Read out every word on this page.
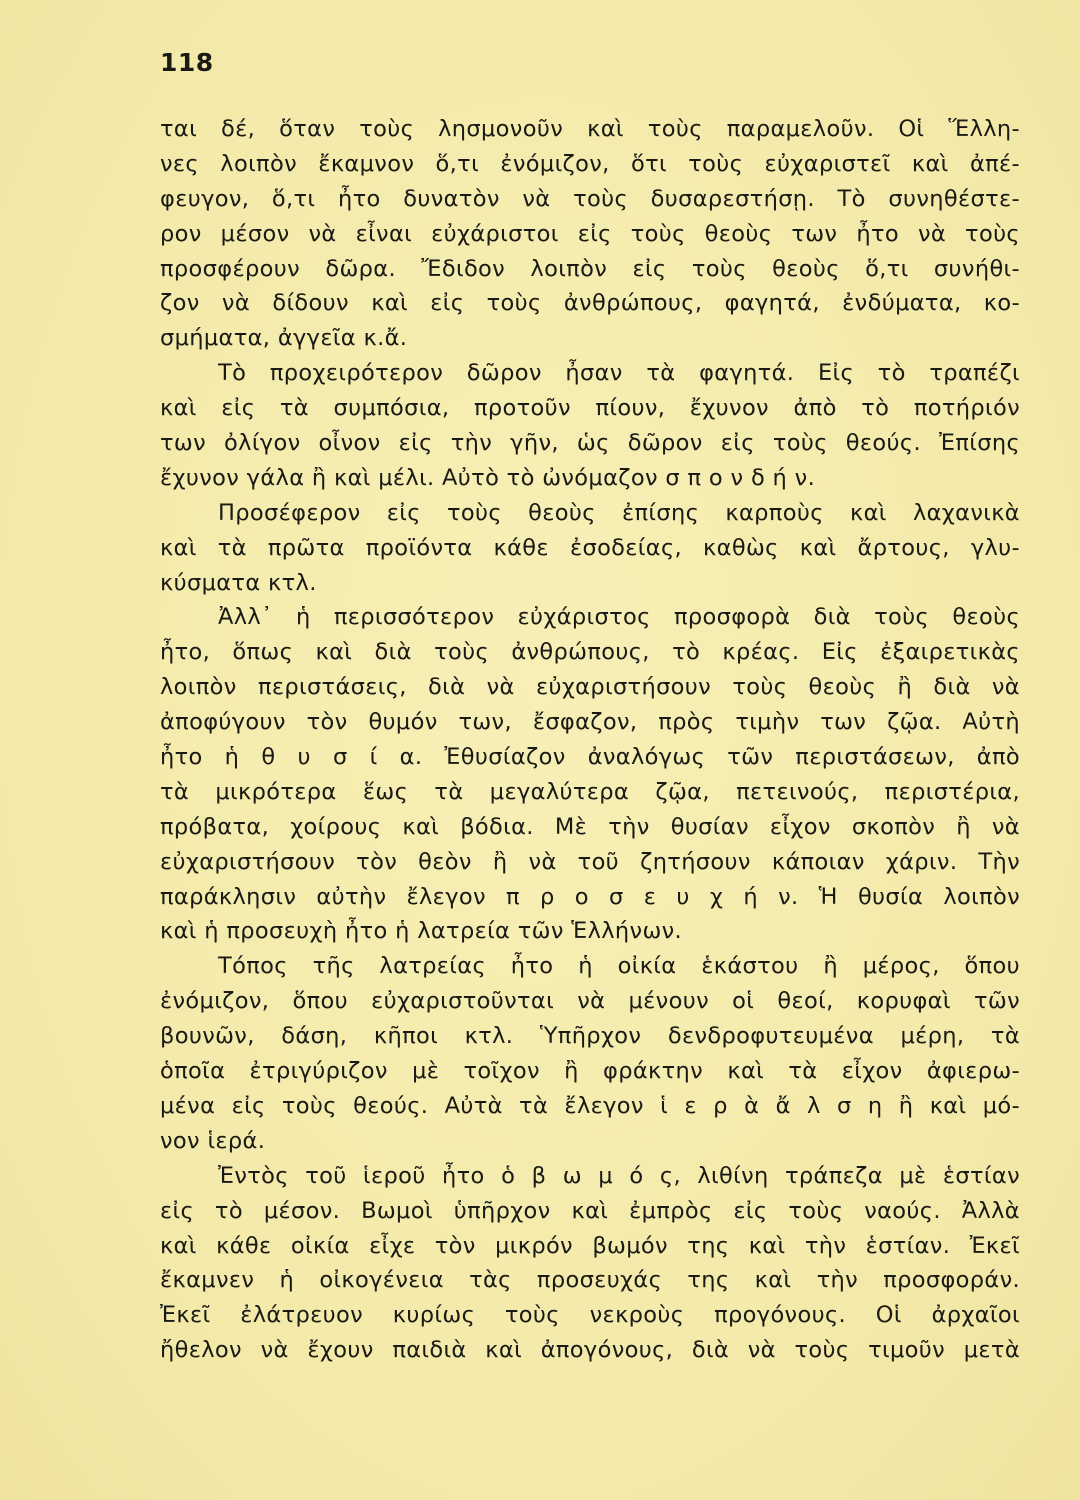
118
ται δέ, ὅταν τοὺς λησμονοῦν καὶ τοὺς παραμελοῦν. Οἱ Ἕλλη-
νες λοιπὸν ἔκαμνον ὅ,τι ἐνόμιζον, ὅτι τοὺς εὐχαριστεῖ καὶ ἀπέ-
φευγον, ὅ,τι ἦτο δυνατὸν νὰ τοὺς δυσαρεστήσῃ. Τὸ συνηθέστε-
ρον μέσον νὰ εἶναι εὐχάριστοι εἰς τοὺς θεοὺς των ἦτο νὰ τοὺς
προσφέρουν δῶρα. Ἔδιδον λοιπὸν εἰς τοὺς θεοὺς ὅ,τι συνήθι-
ζον νὰ δίδουν καὶ εἰς τοὺς ἀνθρώπους, φαγητά, ἐνδύματα, κο-
σμήματα, ἀγγεῖα κ.ἄ.
Τὸ προχειρότερον δῶρον ἦσαν τὰ φαγητά. Εἰς τὸ τραπέζι
καὶ εἰς τὰ συμπόσια, προτοῦν πίουν, ἔχυνον ἀπὸ τὸ ποτήριόν
των ὀλίγον οἶνον εἰς τὴν γῆν, ὡς δῶρον εἰς τοὺς θεούς. Ἐπίσης
ἔχυνον γάλα ἢ καὶ μέλι. Αὐτὸ τὸ ὠνόμαζον σ π ο ν δ ή ν.
Προσέφερον εἰς τοὺς θεοὺς ἐπίσης καρποὺς καὶ λαχανικὰ
καὶ τὰ πρῶτα προϊόντα κάθε ἐσοδείας, καθὼς καὶ ἄρτους, γλυ-
κύσματα κτλ.
Ἀλλ᾿ ἡ περισσότερον εὐχάριστος προσφορὰ διὰ τοὺς θεοὺς
ἦτο, ὅπως καὶ διὰ τοὺς ἀνθρώπους, τὸ κρέας. Εἰς ἐξαιρετικὰς
λοιπὸν περιστάσεις, διὰ νὰ εὐχαριστήσουν τοὺς θεοὺς ἢ διὰ νὰ
ἀποφύγουν τὸν θυμόν των, ἔσφαζον, πρὸς τιμὴν των ζῷα. Αὐτὴ
ἦτο ἡ θ υ σ ί α. Ἐθυσίαζον ἀναλόγως τῶν περιστάσεων, ἀπὸ
τὰ μικρότερα ἕως τὰ μεγαλύτερα ζῷα, πετεινούς, περιστέρια,
πρόβατα, χοίρους καὶ βόδια. Μὲ τὴν θυσίαν εἶχον σκοπὸν ἢ νὰ
εὐχαριστήσουν τὸν θεὸν ἢ νὰ τοῦ ζητήσουν κάποιαν χάριν. Τὴν
παράκλησιν αὐτὴν ἔλεγον π ρ ο σ ε υ χ ή ν. Ἡ θυσία λοιπὸν
καὶ ἡ προσευχὴ ἦτο ἡ λατρεία τῶν Ἑλλήνων.
Τόπος τῆς λατρείας ἦτο ἡ οἰκία ἑκάστου ἢ μέρος, ὅπου
ἐνόμιζον, ὅπου εὐχαριστοῦνται νὰ μένουν οἱ θεοί, κορυφαὶ τῶν
βουνῶν, δάση, κῆποι κτλ. Ὑπῆρχον δενδροφυτευμένα μέρη, τὰ
ὁποῖα ἐτριγύριζον μὲ τοῖχον ἢ φράκτην καὶ τὰ εἶχον ἀφιερω-
μένα εἰς τοὺς θεούς. Αὐτὰ τὰ ἔλεγον ἱ ε ρ ὰ ἄ λ σ η ἢ καὶ μό-
νον ἱερά.
Ἐντὸς τοῦ ἱεροῦ ἦτο ὁ β ω μ ό ς, λιθίνη τράπεζα μὲ ἑστίαν
εἰς τὸ μέσον. Βωμοὶ ὑπῆρχον καὶ ἐμπρὸς εἰς τοὺς ναούς. Ἀλλὰ
καὶ κάθε οἰκία εἶχε τὸν μικρόν βωμόν της καὶ τὴν ἑστίαν. Ἐκεῖ
ἔκαμνεν ἡ οἰκογένεια τὰς προσευχάς της καὶ τὴν προσφοράν.
Ἐκεῖ ἐλάτρευον κυρίως τοὺς νεκροὺς προγόνους. Οἱ ἀρχαῖοι
ἤθελον νὰ ἔχουν παιδιὰ καὶ ἀπογόνους, διὰ νὰ τοὺς τιμοῦν μετὰ
